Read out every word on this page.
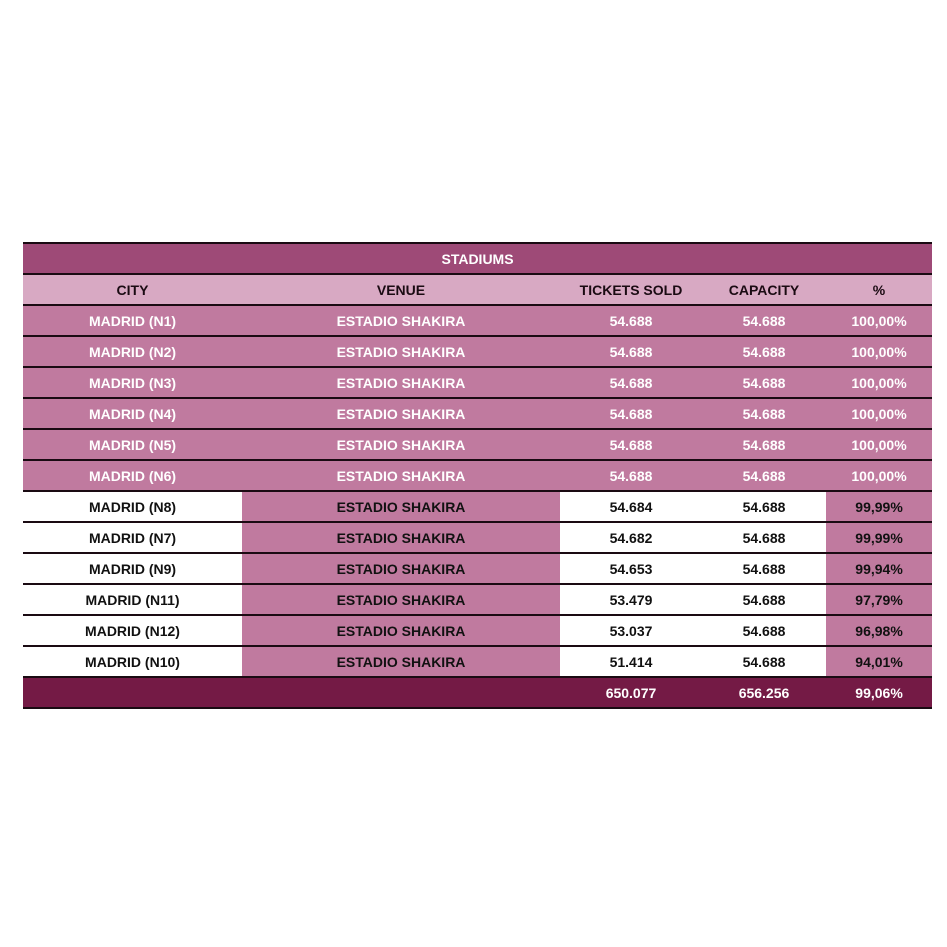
STADIUMS				
CITY	VENUE	TICKETS SOLD	CAPACITY	%
MADRID (N1)	ESTADIO SHAKIRA	54.688	54.688	100,00%
MADRID (N2)	ESTADIO SHAKIRA	54.688	54.688	100,00%
MADRID (N3)	ESTADIO SHAKIRA	54.688	54.688	100,00%
MADRID (N4)	ESTADIO SHAKIRA	54.688	54.688	100,00%
MADRID (N5)	ESTADIO SHAKIRA	54.688	54.688	100,00%
MADRID (N6)	ESTADIO SHAKIRA	54.688	54.688	100,00%
MADRID (N8)	ESTADIO SHAKIRA	54.684	54.688	99,99%
MADRID (N7)	ESTADIO SHAKIRA	54.682	54.688	99,99%
MADRID (N9)	ESTADIO SHAKIRA	54.653	54.688	99,94%
MADRID (N11)	ESTADIO SHAKIRA	53.479	54.688	97,79%
MADRID (N12)	ESTADIO SHAKIRA	53.037	54.688	96,98%
MADRID (N10)	ESTADIO SHAKIRA	51.414	54.688	94,01%
		650.077	656.256	99,06%
